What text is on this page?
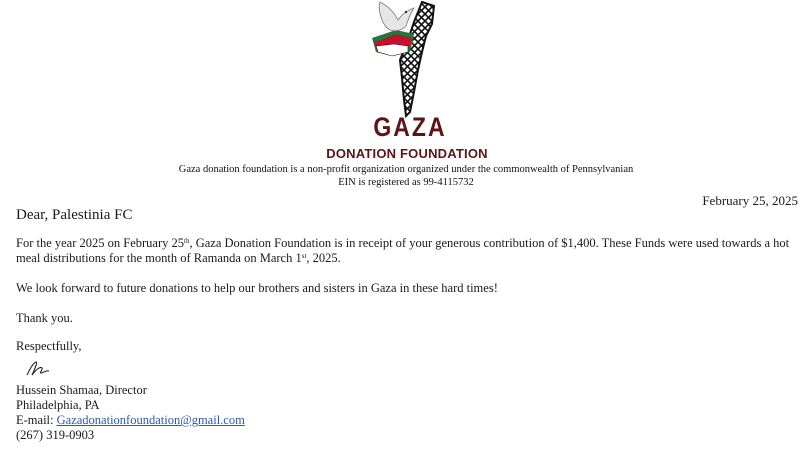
GAZA
DONATION FOUNDATION
Gaza donation foundation is a non-profit organization organized under the commonwealth of Pennsylvanian
EIN is registered as 99-4115732
February 25, 2025
Dear, Palestinia FC
For the year 2025 on February 25th, Gaza Donation Foundation is in receipt of your generous contribution of $1,400. These Funds were used towards a hot meal distributions for the month of Ramanda on March 1st, 2025.
We look forward to future donations to help our brothers and sisters in Gaza in these hard times!
Thank you.
Respectfully,
Hussein Shamaa, Director
Philadelphia, PA
E-mail: Gazadonationfoundation@gmail.com
(267) 319-0903
